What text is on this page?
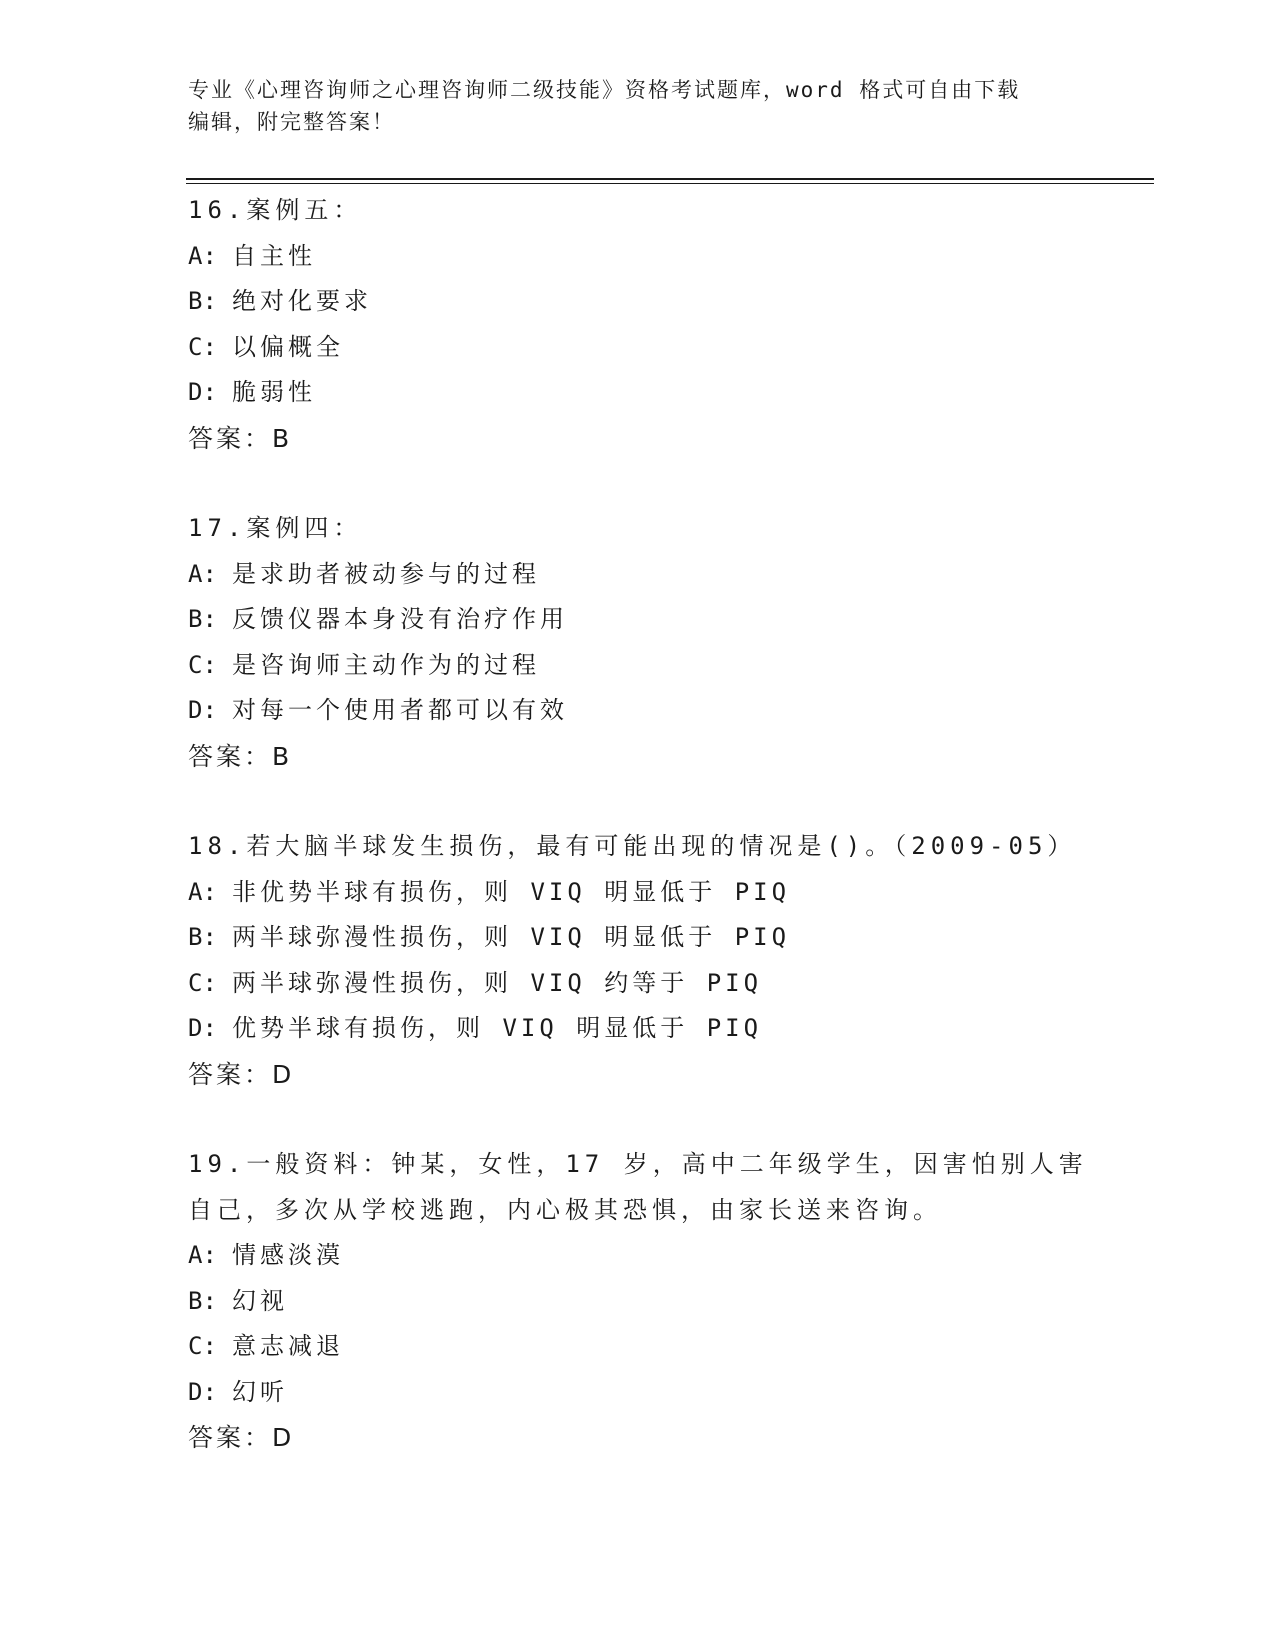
专业《心理咨询师之心理咨询师二级技能》资格考试题库，word 格式可自由下载
编辑，附完整答案！
16.案例五：
A: 自主性
B: 绝对化要求
C: 以偏概全
D: 脆弱性
答案：B
17.案例四：
A: 是求助者被动参与的过程
B: 反馈仪器本身没有治疗作用
C: 是咨询师主动作为的过程
D: 对每一个使用者都可以有效
答案：B
18.若大脑半球发生损伤，最有可能出现的情况是()。（2009-05）
A: 非优势半球有损伤，则 VIQ 明显低于 PIQ
B: 两半球弥漫性损伤，则 VIQ 明显低于 PIQ
C: 两半球弥漫性损伤，则 VIQ 约等于 PIQ
D: 优势半球有损伤，则 VIQ 明显低于 PIQ
答案：D
19.一般资料：钟某，女性，17 岁，高中二年级学生，因害怕别人害自己，多次从学校逃跑，内心极其恐惧，由家长送来咨询。
A: 情感淡漠
B: 幻视
C: 意志减退
D: 幻听
答案：D
